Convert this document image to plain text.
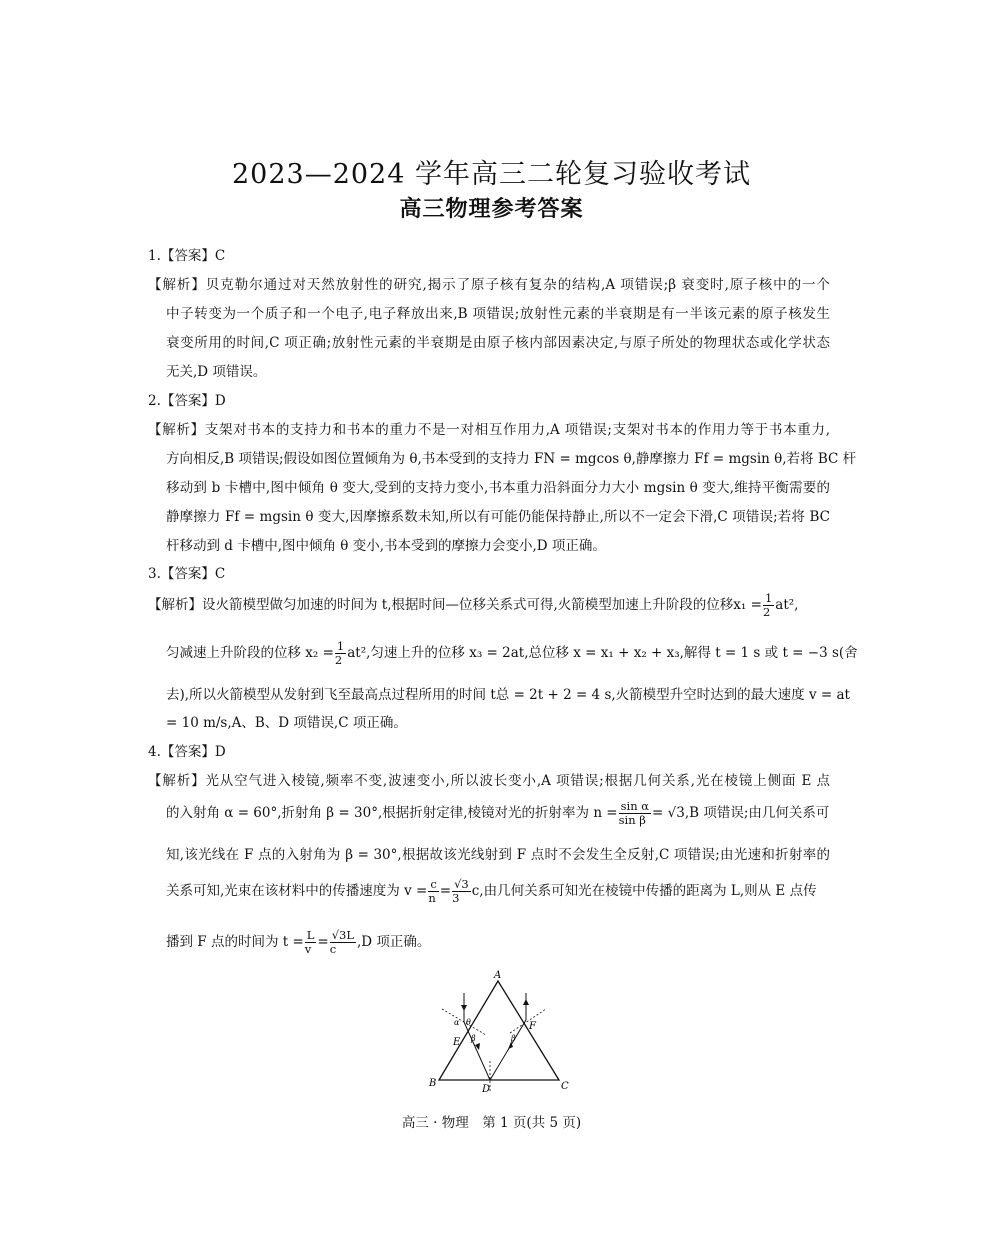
2023—2024 学年高三二轮复习验收考试
高三物理参考答案
1.【答案】C
【解析】贝克勒尔通过对天然放射性的研究,揭示了原子核有复杂的结构,A 项错误;β 衰变时,原子核中的一个
中子转变为一个质子和一个电子,电子释放出来,B 项错误;放射性元素的半衰期是有一半该元素的原子核发生
衰变所用的时间,C 项正确;放射性元素的半衰期是由原子核内部因素决定,与原子所处的物理状态或化学状态
无关,D 项错误。
2.【答案】D
【解析】支架对书本的支持力和书本的重力不是一对相互作用力,A 项错误;支架对书本的作用力等于书本重力,
方向相反,B 项错误;假设如图位置倾角为 θ,书本受到的支持力 FN = mgcos θ,静摩擦力 Ff = mgsin θ,若将 BC 杆
移动到 b 卡槽中,图中倾角 θ 变大,受到的支持力变小,书本重力沿斜面分力大小 mgsin θ 变大,维持平衡需要的
静摩擦力 Ff = mgsin θ 变大,因摩擦系数未知,所以有可能仍能保持静止,所以不一定会下滑,C 项错误;若将 BC
杆移动到 d 卡槽中,图中倾角 θ 变小,书本受到的摩擦力会变小,D 项正确。
3.【答案】C
【解析】设火箭模型做匀加速的时间为 t,根据时间—位移关系式可得,火箭模型加速上升阶段的位移$x_1 = \frac{1}{2} at^2$,
匀减速上升阶段的位移 $x_2 = \frac{1}{2} at^2$,匀速上升的位移 x₃ = 2at,总位移 x = x₁ + x₂ + x₃,解得 t = 1 s 或 t = −3 s(舍
去),所以火箭模型从发射到飞至最高点过程所用的时间 t总 = 2t + 2 = 4 s,火箭模型升空时达到的最大速度 v = at
= 10 m/s,A、B、D 项错误,C 项正确。
4.【答案】D
【解析】光从空气进入棱镜,频率不变,波速变小,所以波长变小,A 项错误;根据几何关系,光在棱镜上侧面 E 点
的入射角 α = 60°,折射角 β = 30°,根据折射定律,棱镜对光的折射率为 $n = \frac{\text{sin α}}{\text{sin β}} = √3,B$ 项错误;由几何关系可
知,该光线在 F 点的入射角为 β = 30°,根据故该光线射到 F 点时不会发生全反射,C 项错误;由光速和折射率的
关系可知,光束在该材料中的传播速度为 $v = \frac{c}{n} = \frac{√3}{3} c$,由几何关系可知光在棱镜中传播的距离为 L,则从 E 点传
播到 F 点的时间为 $t = \frac{L}{v} = \frac{√3L}{c} ,D$ 项正确。
A
B	C
D
E
F
α θ
β	β
高三 · 物理　第 1 页(共 5 页)
